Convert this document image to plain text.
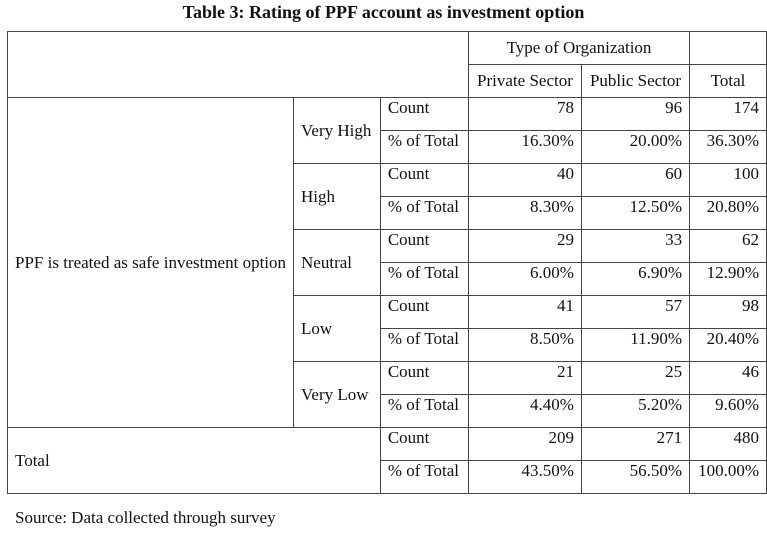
Table 3: Rating of PPF account as investment option
			Type of Organization		
			Private Sector	Public Sector	Total
PPF is treated as safe investment option	Very High	Count	78	96	174
		% of Total	16.30%	20.00%	36.30%
	High	Count	40	60	100
		% of Total	8.30%	12.50%	20.80%
	Neutral	Count	29	33	62
		% of Total	6.00%	6.90%	12.90%
	Low	Count	41	57	98
		% of Total	8.50%	11.90%	20.40%
	Very Low	Count	21	25	46
		% of Total	4.40%	5.20%	9.60%
Total		Count	209	271	480
		% of Total	43.50%	56.50%	100.00%
Source: Data collected through survey
